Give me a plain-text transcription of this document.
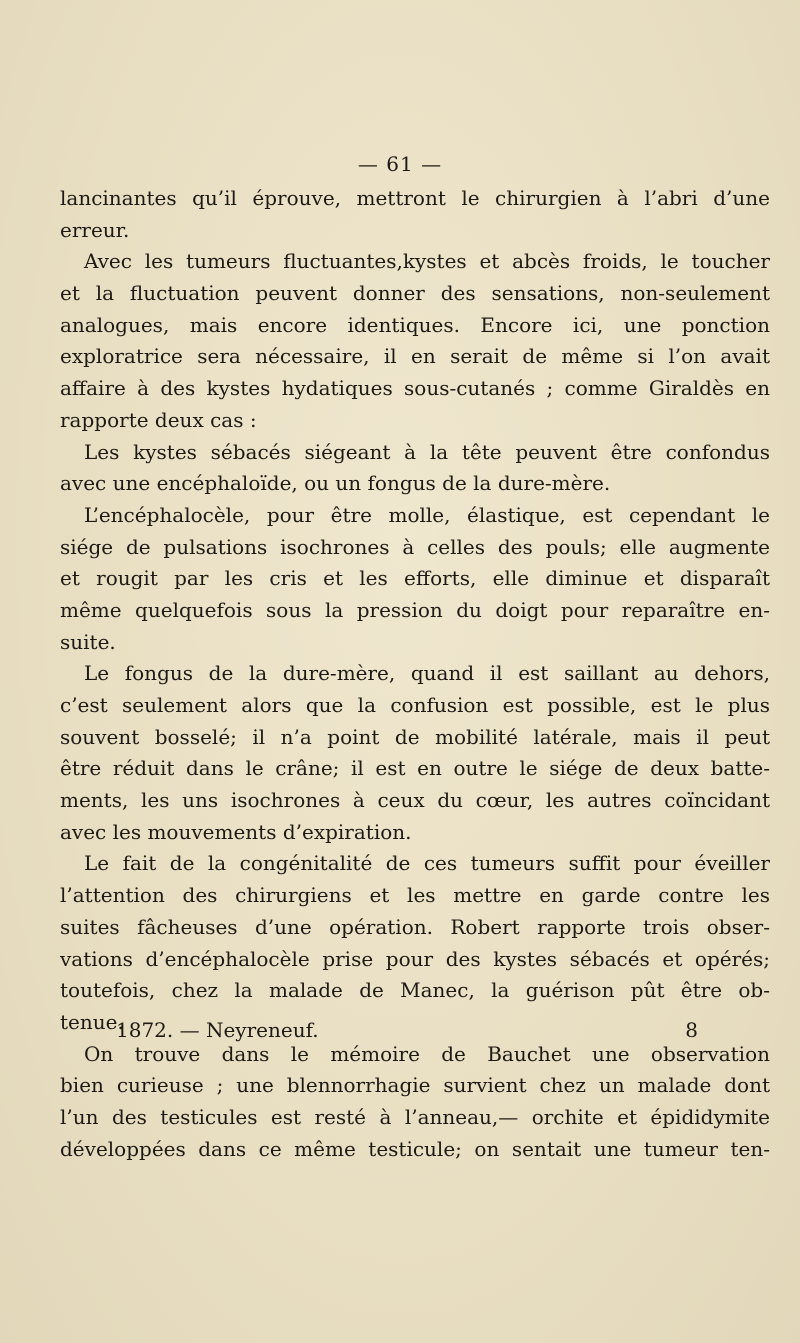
— 61 —
lancinantes qu’il éprouve, mettront le chirurgien à l’abri d’une
erreur.
Avec les tumeurs fluctuantes,kystes et abcès froids, le toucher
et la fluctuation peuvent donner des sensations, non-seulement
analogues, mais encore identiques. Encore ici, une ponction
exploratrice sera nécessaire, il en serait de même si l’on avait
affaire à des kystes hydatiques sous-cutanés ; comme Giraldès en
rapporte deux cas :
Les kystes sébacés siégeant à la tête peuvent être confondus
avec une encéphaloïde, ou un fongus de la dure-mère.
L’encéphalocèle, pour être molle, élastique, est cependant le
siége de pulsations isochrones à celles des pouls; elle augmente
et rougit par les cris et les efforts, elle diminue et disparaît
même quelquefois sous la pression du doigt pour reparaître en-
suite.
Le fongus de la dure-mère, quand il est saillant au dehors,
c’est seulement alors que la confusion est possible, est le plus
souvent bosselé; il n’a point de mobilité latérale, mais il peut
être réduit dans le crâne; il est en outre le siége de deux batte-
ments, les uns isochrones à ceux du cœur, les autres coïncidant
avec les mouvements d’expiration.
Le fait de la congénitalité de ces tumeurs suffit pour éveiller
l’attention des chirurgiens et les mettre en garde contre les
suites fâcheuses d’une opération. Robert rapporte trois obser-
vations d’encéphalocèle prise pour des kystes sébacés et opérés;
toutefois, chez la malade de Manec, la guérison pût être ob-
tenue.
On trouve dans le mémoire de Bauchet une observation
bien curieuse ; une blennorrhagie survient chez un malade dont
l’un des testicules est resté à l’anneau,— orchite et épididymite
développées dans ce même testicule; on sentait une tumeur ten-
1872. — Neyreneuf.	8
